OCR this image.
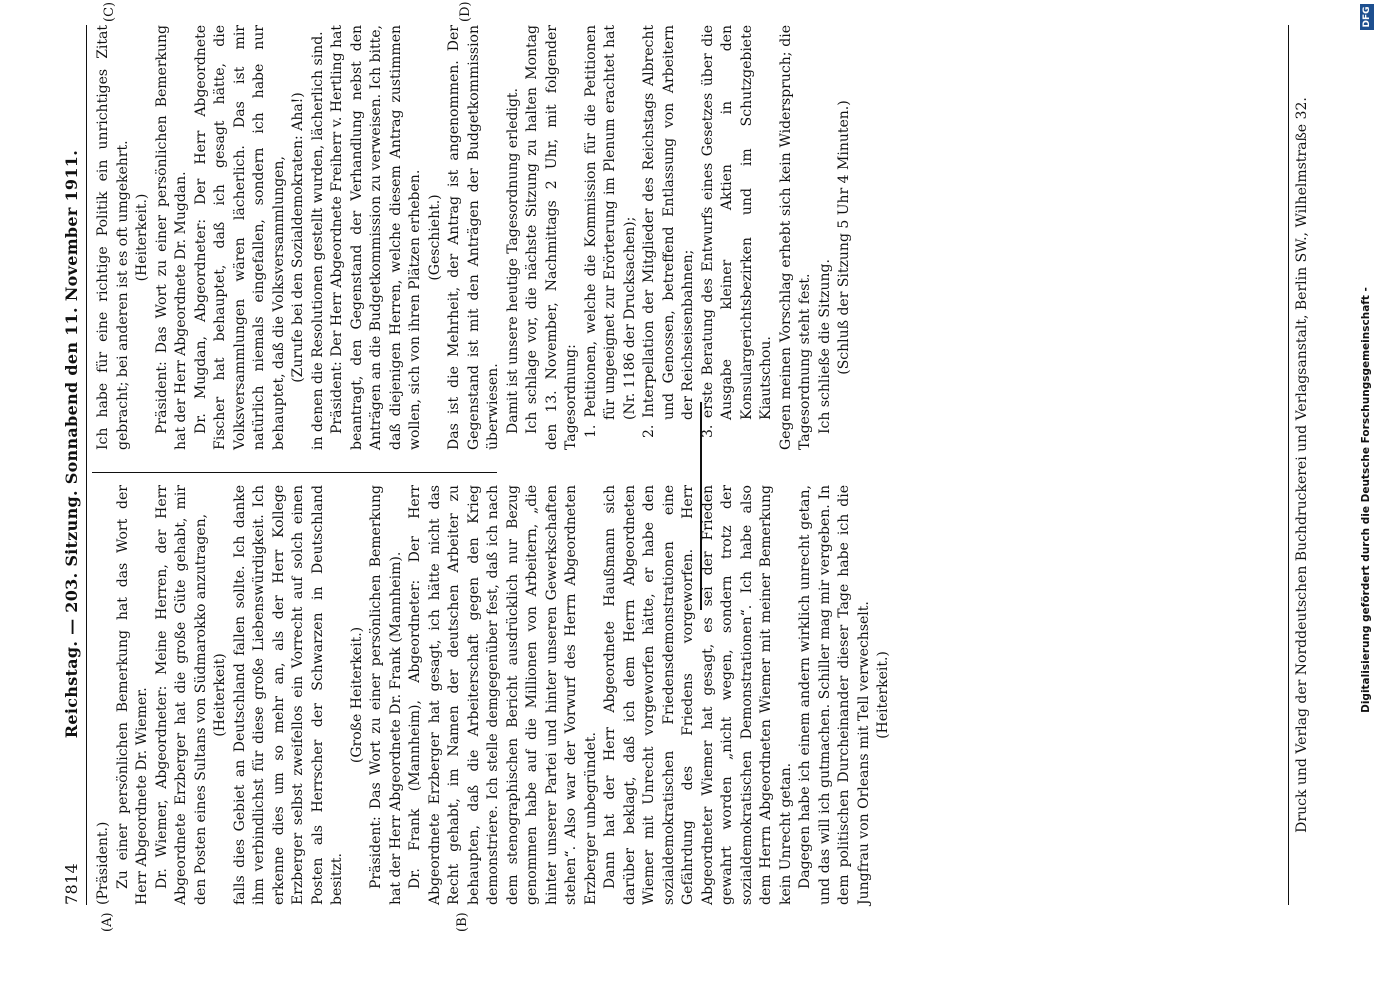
7814
Reichstag. — 203. Sitzung. Sonnabend den 11. November 1911.
(A)	(B)
(C)	(D)

(Präsident.) Zu einer persönlichen Bemerkung hat das Wort der Herr Abgeordnete Dr. Wiemer. Dr. Wiemer, Abgeordneter: Meine Herren, der Herr Abgeordnete Erzberger hat die große Güte gehabt, mir den Posten eines Sultans von Südmarokko anzutragen, (Heiterkeit) falls dies Gebiet an Deutschland fallen sollte. Ich danke ihm verbindlichst für diese große Liebenswürdigkeit. Ich erkenne dies um so mehr an, als der Herr Kollege Erzberger selbst zweifellos ein Vorrecht auf solch einen Posten als Herrscher der Schwarzen in Deutschland besitzt.

(Große Heiterkeit.) Präsident: Das Wort zu einer persönlichen Bemerkung hat der Herr Abgeordnete Dr. Frank (Mannheim). Dr. Frank (Mannheim), Abgeordneter: Der Herr Abgeordnete Erzberger hat gesagt, ich hätte nicht das Recht gehabt, im Namen der deutschen Arbeiter zu behaupten, daß die Arbeiterschaft gegen den Krieg demonstriere. Ich stelle demgegenüber fest, daß ich nach dem stenographischen Bericht ausdrücklich nur Bezug genommen habe auf die Millionen von Arbeitern, „die hinter unserer Partei und hinter unseren Gewerkschaften stehen“. Also war der Vorwurf des Herrn Abgeordneten Erzberger unbegründet. Dann hat der Herr Abgeordnete Haußmann sich darüber beklagt, daß ich dem Herrn Abgeordneten Wiemer mit Unrecht vorgeworfen hätte, er habe den sozialdemokratischen Friedensdemonstrationen eine Gefährdung des Friedens vorgeworfen. Herr Abgeordneter Wiemer hat gesagt, es sei der Frieden gewahrt worden „nicht wegen, sondern trotz der sozialdemokratischen Demonstrationen“. Ich habe also dem Herrn Abgeordneten Wiemer mit meiner Bemerkung kein Unrecht getan. Dagegen habe ich einem andern wirklich unrecht getan, und das will ich gutmachen. Schiller mag mir vergeben. In dem politischen Durcheinander dieser Tage habe ich die Jungfrau von Orleans mit Tell verwechselt. (Heiterkeit.)

Ich habe für eine richtige Politik ein unrichtiges Zitat gebracht; bei anderen ist es oft umgekehrt. (Heiterkeit.) Präsident: Das Wort zu einer persönlichen Bemerkung hat der Herr Abgeordnete Dr. Mugdan. Dr. Mugdan, Abgeordneter: Der Herr Abgeordnete Fischer hat behauptet, daß ich gesagt hätte, die Volksversammlungen wären lächerlich. Das ist mir natürlich niemals eingefallen, sondern ich habe nur behauptet, daß die Volksversammlungen, (Zurufe bei den Sozialdemokraten: Aha!) in denen die Resolutionen gestellt wurden, lächerlich sind. Präsident: Der Herr Abgeordnete Freiherr v. Hertling hat beantragt, den Gegenstand der Verhandlung nebst den Anträgen an die Budgetkommission zu verweisen. Ich bitte, daß diejenigen Herren, welche diesem Antrag zustimmen wollen, sich von ihren Plätzen erheben. (Geschieht.) Das ist die Mehrheit, der Antrag ist angenommen. Der Gegenstand ist mit den Anträgen der Budgetkommission überwiesen. Damit ist unsere heutige Tagesordnung erledigt. Ich schlage vor, die nächste Sitzung zu halten Montag den 13. November, Nachmittags 2 Uhr, mit folgender Tagesordnung: 1. Petitionen, welche die Kommission für die Petitionen für ungeeignet zur Erörterung im Plenum erachtet hat (Nr. 1186 der Drucksachen); 2. Interpellation der Mitglieder des Reichstags Albrecht und Genossen, betreffend Entlassung von Arbeitern der Reichseisenbahnen; 3. erste Beratung des Entwurfs eines Gesetzes über die Ausgabe kleiner Aktien in den Konsulargerichtsbezirken und im Schutzgebiete Kiautschou. Gegen meinen Vorschlag erhebt sich kein Widerspruch; die Tagesordnung steht fest. Ich schließe die Sitzung. (Schluß der Sitzung 5 Uhr 4 Minuten.)	Druck und Verlag der Norddeutschen Buchdruckerei und Verlagsanstalt, Berlin SW., Wilhelmstraße 32.	Digitalisierung gefördert durch die Deutsche Forschungsgemeinschaft -
DFG
